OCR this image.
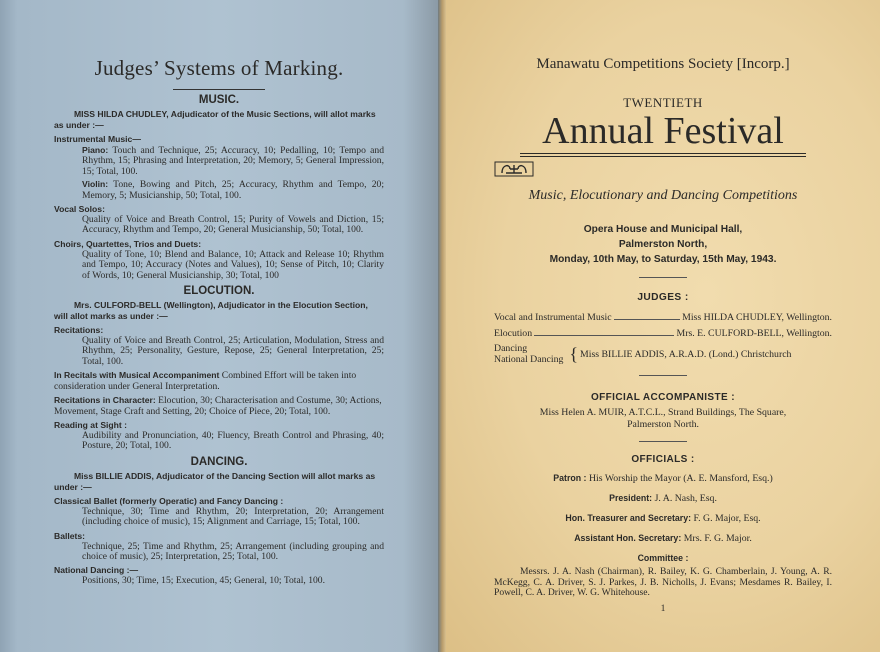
Judges’ Systems of Marking.
MUSIC.

MISS HILDA CHUDLEY, Adjudicator of the Music Sections, will allot marks as under :—

Instrumental Music—
Piano: Touch and Technique, 25; Accuracy, 10; Pedalling, 10; Tempo and Rhythm, 15; Phrasing and Interpretation, 20; Memory, 5; General Impression, 15; Total, 100.
Violin: Tone, Bowing and Pitch, 25; Accuracy, Rhythm and Tempo, 20; Memory, 5; Musicianship, 50; Total, 100.
Vocal Solos:
Quality of Voice and Breath Control, 15; Purity of Vowels and Diction, 15; Accuracy, Rhythm and Tempo, 20; General Musicianship, 50; Total, 100.
Choirs, Quartettes, Trios and Duets:
Quality of Tone, 10; Blend and Balance, 10; Attack and Release 10; Rhythm and Tempo, 10; Accuracy (Notes and Values), 10; Sense of Pitch, 10; Clarity of Words, 10; General Musicianship, 30; Total, 100
ELOCUTION.

Mrs. CULFORD-BELL (Wellington), Adjudicator in the Elocution Section, will allot marks as under :—

Recitations:
Quality of Voice and Breath Control, 25; Articulation, Modulation, Stress and Rhythm, 25; Personality, Gesture, Repose, 25; General Interpretation, 25; Total, 100.
In Recitals with Musical Accompaniment Combined Effort will be taken into consideration under General Interpretation.
Recitations in Character: Elocution, 30; Characterisation and Costume, 30; Actions, Movement, Stage Craft and Setting, 20; Choice of Piece, 20; Total, 100.
Reading at Sight :
Audibility and Pronunciation, 40; Fluency, Breath Control and Phrasing, 40; Posture, 20; Total, 100.
DANCING.

Miss BILLIE ADDIS, Adjudicator of the Dancing Section will allot marks as under :—

Classical Ballet (formerly Operatic) and Fancy Dancing :
Technique, 30; Time and Rhythm, 20; Interpretation, 20; Arrangement (including choice of music), 15; Alignment and Carriage, 15; Total, 100.
Ballets:
Technique, 25; Time and Rhythm, 25; Arrangement (including grouping and choice of music), 25; Interpretation, 25; Total, 100.
National Dancing :—
Positions, 30; Time, 15; Execution, 45; General, 10; Total, 100.
Manawatu Competitions Society [Incorp.]
TWENTIETH
Annual Festival
Music, Elocutionary and Dancing Competitions
Opera House and Municipal Hall,
Palmerston North,
Monday, 10th May, to Saturday, 15th May, 1943.
JUDGES :
Vocal and Instrumental Music	Miss HILDA CHUDLEY, Wellington.
Elocution	Mrs. E. CULFORD-BELL, Wellington.
Dancing
National Dancing { Miss BILLIE ADDIS, A.R.A.D. (Lond.) Christchurch
OFFICIAL ACCOMPANISTE :
Miss Helen A. MUIR, A.T.C.L., Strand Buildings, The Square,
Palmerston North.
OFFICIALS :
Patron : His Worship the Mayor (A. E. Mansford, Esq.)
President: J. A. Nash, Esq.
Hon. Treasurer and Secretary: F. G. Major, Esq.
Assistant Hon. Secretary: Mrs. F. G. Major.
Committee :
Messrs. J. A. Nash (Chairman), R. Bailey, K. G. Chamberlain, J. Young, A. R. McKegg, C. A. Driver, S. J. Parkes, J. B. Nicholls, J. Evans; Mesdames R. Bailey, I. Powell, C. A. Driver, W. G. Whitehouse.
1
